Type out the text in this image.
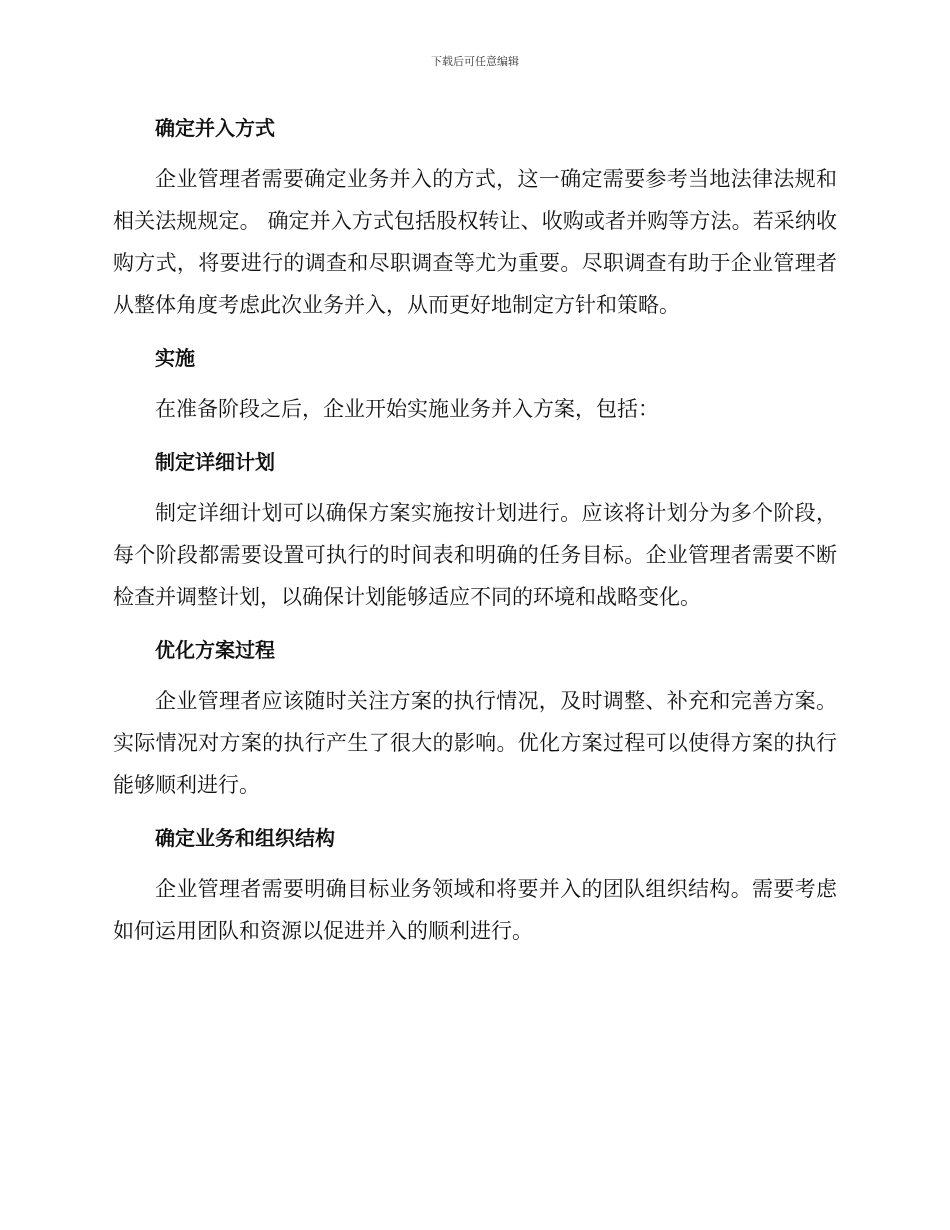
下载后可任意编辑
确定并入方式

企业管理者需要确定业务并入的方式，这一确定需要参考当地法律法规和相关法规规定。 确定并入方式包括股权转让、收购或者并购等方法。若采纳收购方式，将要进行的调查和尽职调查等尤为重要。尽职调查有助于企业管理者从整体角度考虑此次业务并入，从而更好地制定方针和策略。

实施

在准备阶段之后，企业开始实施业务并入方案，包括：

制定详细计划

制定详细计划可以确保方案实施按计划进行。应该将计划分为多个阶段，每个阶段都需要设置可执行的时间表和明确的任务目标。企业管理者需要不断检查并调整计划，以确保计划能够适应不同的环境和战略变化。

优化方案过程

企业管理者应该随时关注方案的执行情况，及时调整、补充和完善方案。实际情况对方案的执行产生了很大的影响。优化方案过程可以使得方案的执行能够顺利进行。

确定业务和组织结构

企业管理者需要明确目标业务领域和将要并入的团队组织结构。需要考虑如何运用团队和资源以促进并入的顺利进行。
